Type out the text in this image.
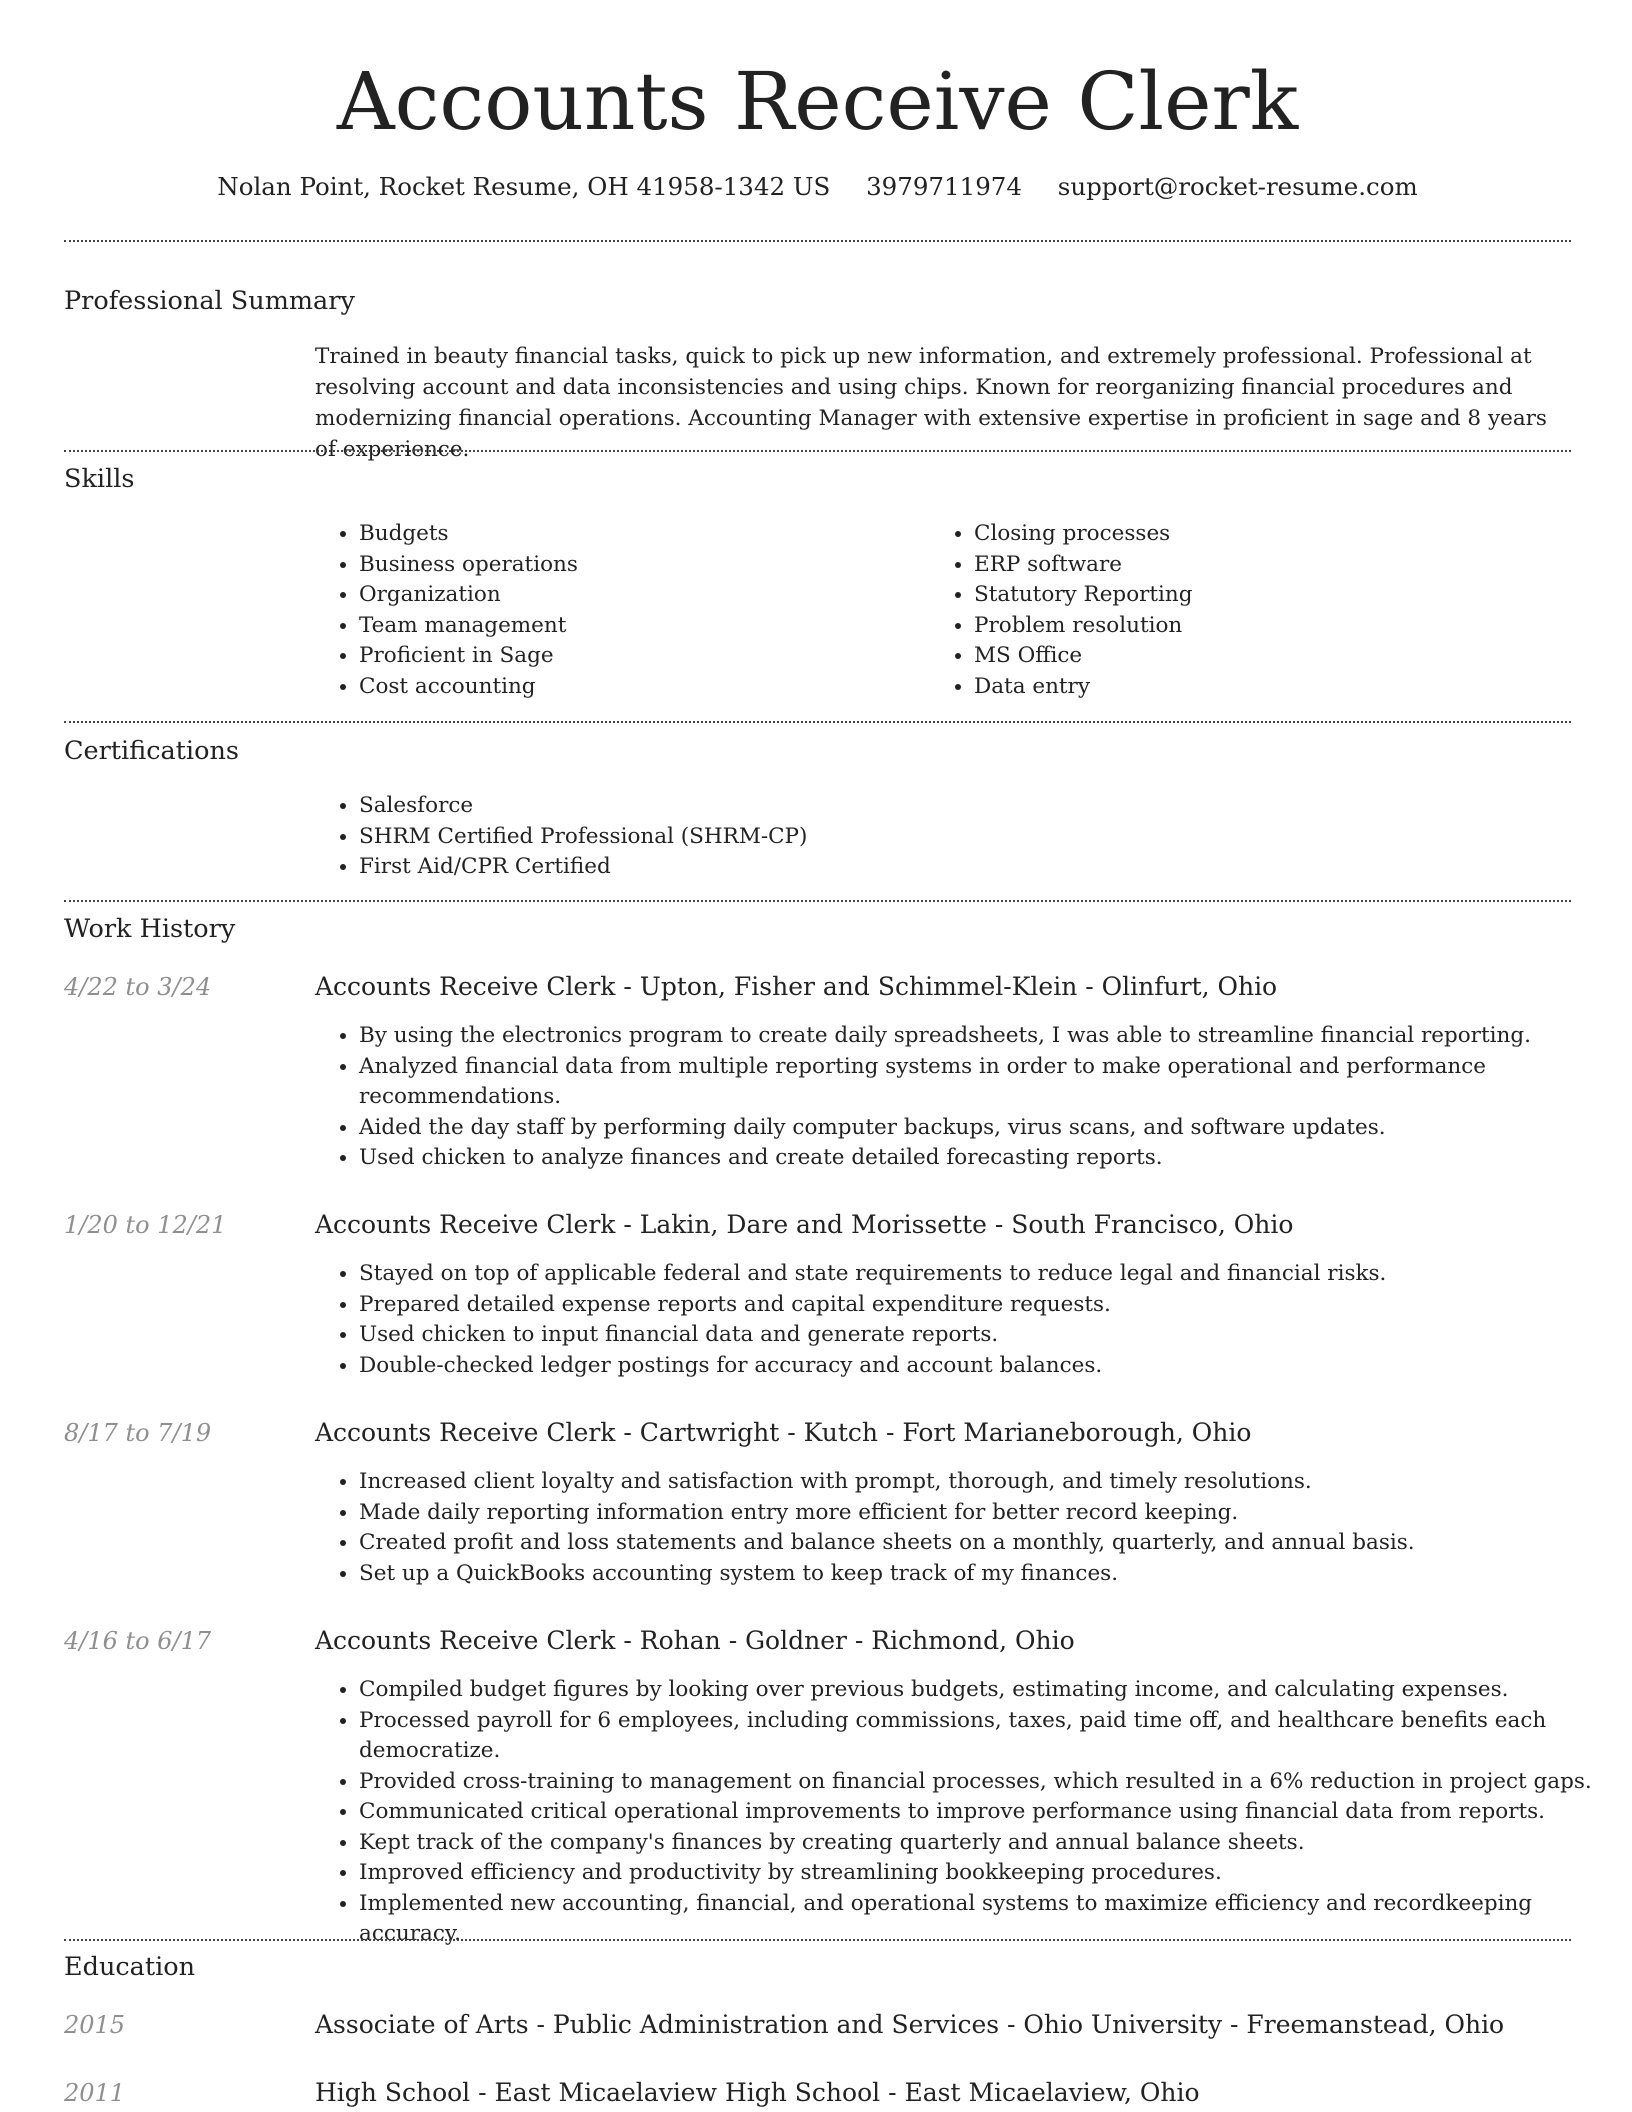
Accounts Receive Clerk
Nolan Point, Rocket Resume, OH 41958-1342 US 3979711974 support@rocket-resume.com
Professional Summary

Trained in beauty financial tasks, quick to pick up new information, and extremely professional. Professional at resolving account and data inconsistencies and using chips. Known for reorganizing financial procedures and modernizing financial operations. Accounting Manager with extensive expertise in proficient in sage and 8 years of experience.

Skills
• Budgets
• Business operations
• Organization
• Team management
• Proficient in Sage
• Cost accounting
• Closing processes
• ERP software
• Statutory Reporting
• Problem resolution
• MS Office
• Data entry
Certifications
• Salesforce
• SHRM Certified Professional (SHRM-CP)
• First Aid/CPR Certified
Work History
4/22 to 3/24	Accounts Receive Clerk - Upton, Fisher and Schimmel-Klein - Olinfurt, Ohio
• By using the electronics program to create daily spreadsheets, I was able to streamline financial reporting.
• Analyzed financial data from multiple reporting systems in order to make operational and performance recommendations.
• Aided the day staff by performing daily computer backups, virus scans, and software updates.
• Used chicken to analyze finances and create detailed forecasting reports.
1/20 to 12/21	Accounts Receive Clerk - Lakin, Dare and Morissette - South Francisco, Ohio
• Stayed on top of applicable federal and state requirements to reduce legal and financial risks.
• Prepared detailed expense reports and capital expenditure requests.
• Used chicken to input financial data and generate reports.
• Double-checked ledger postings for accuracy and account balances.
8/17 to 7/19	Accounts Receive Clerk - Cartwright - Kutch - Fort Marianeborough, Ohio
• Increased client loyalty and satisfaction with prompt, thorough, and timely resolutions.
• Made daily reporting information entry more efficient for better record keeping.
• Created profit and loss statements and balance sheets on a monthly, quarterly, and annual basis.
• Set up a QuickBooks accounting system to keep track of my finances.
4/16 to 6/17	Accounts Receive Clerk - Rohan - Goldner - Richmond, Ohio
• Compiled budget figures by looking over previous budgets, estimating income, and calculating expenses.
• Processed payroll for 6 employees, including commissions, taxes, paid time off, and healthcare benefits each democratize.
• Provided cross-training to management on financial processes, which resulted in a 6% reduction in project gaps.
• Communicated critical operational improvements to improve performance using financial data from reports.
• Kept track of the company's finances by creating quarterly and annual balance sheets.
• Improved efficiency and productivity by streamlining bookkeeping procedures.
• Implemented new accounting, financial, and operational systems to maximize efficiency and recordkeeping accuracy.
Education
2015	Associate of Arts - Public Administration and Services - Ohio University - Freemanstead, Ohio
2011	High School - East Micaelaview High School - East Micaelaview, Ohio
